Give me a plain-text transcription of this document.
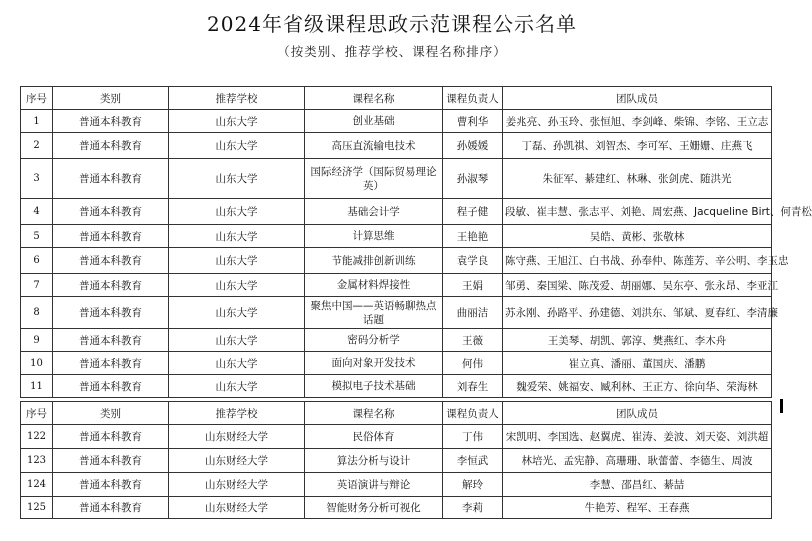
2024年省级课程思政示范课程公示名单
（按类别、推荐学校、课程名称排序）
序号	类别	推荐学校	课程名称	课程负责人	团队成员
1	普通本科教育	山东大学	创业基础	曹利华	姜兆亮、孙玉玲、张恒旭、李剑峰、柴锦、李铭、王立志
2	普通本科教育	山东大学	高压直流输电技术	孙媛媛	丁磊、孙凯祺、刘智杰、李可军、王姗姗、庄燕飞
3	普通本科教育	山东大学	国际经济学（国际贸易理论英）	孙淑琴	朱征军、綦建红、林琳、张剑虎、随洪光
4	普通本科教育	山东大学	基础会计学	程子健	段敏、崔丰慧、张志平、刘艳、周宏燕、Jacqueline Birt、何青松
5	普通本科教育	山东大学	计算思维	王艳艳	吴皓、黄彬、张敬林
6	普通本科教育	山东大学	节能减排创新训练	袁学良	陈守燕、王旭江、白书战、孙奉仲、陈莲芳、辛公明、李玉忠
7	普通本科教育	山东大学	金属材料焊接性	王娟	邹勇、秦国梁、陈茂爱、胡丽娜、吴东亭、张永昂、李亚江
8	普通本科教育	山东大学	聚焦中国——英语畅聊热点话题	曲丽洁	苏永刚、孙路平、孙建德、刘洪东、邹斌、夏春红、李清廉
9	普通本科教育	山东大学	密码分析学	王薇	王美琴、胡凯、郭淳、樊燕红、李木舟
10	普通本科教育	山东大学	面向对象开发技术	何伟	崔立真、潘丽、董国庆、潘鹏
11	普通本科教育	山东大学	模拟电子技术基础	刘春生	魏爱荣、姚福安、臧利林、王正方、徐向华、荣海林
序号	类别	推荐学校	课程名称	课程负责人	团队成员
122	普通本科教育	山东财经大学	民俗体育	丁伟	宋凯明、李国选、赵翼虎、崔涛、姜波、刘天姿、刘洪超
123	普通本科教育	山东财经大学	算法分析与设计	李恒武	林培光、孟宪静、高珊珊、耿蕾蕾、李德生、周波
124	普通本科教育	山东财经大学	英语演讲与辩论	解玲	李慧、邵昌红、綦喆
125	普通本科教育	山东财经大学	智能财务分析可视化	李莉	牛艳芳、程军、王春燕
